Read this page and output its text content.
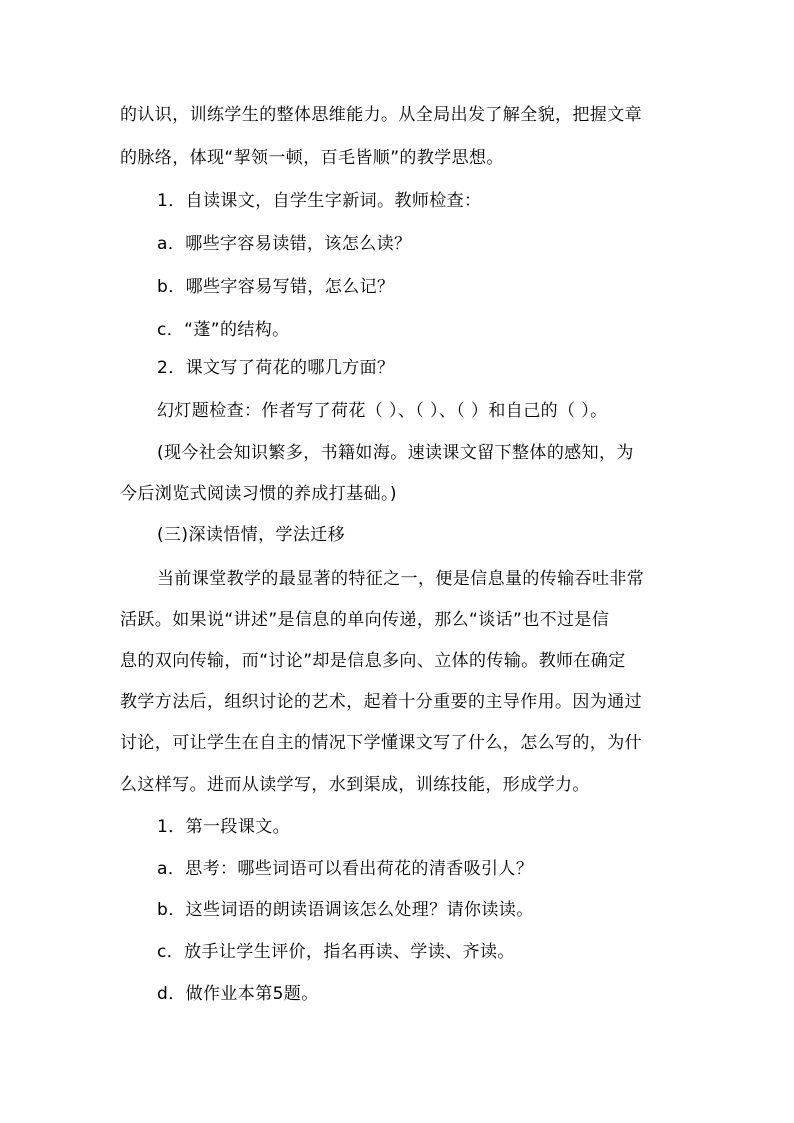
的认识，训练学生的整体思维能力。从全局出发了解全貌，把握文章
的脉络，体现“挈领一顿，百毛皆顺”的教学思想。
1．自读课文，自学生字新词。教师检查：
a．哪些字容易读错，该怎么读？
b．哪些字容易写错，怎么记？
c．“蓬”的结构。
2．课文写了荷花的哪几方面？
幻灯题检查：作者写了荷花（ ）、（ ）、（ ）和自己的（ ）。
(现今社会知识繁多，书籍如海。速读课文留下整体的感知，为
今后浏览式阅读习惯的养成打基础。)
(三)深读悟情，学法迁移
当前课堂教学的最显著的特征之一，便是信息量的传输吞吐非常
活跃。如果说“讲述”是信息的单向传递，那么“谈话”也不过是信
息的双向传输，而“讨论”却是信息多向、立体的传输。教师在确定
教学方法后，组织讨论的艺术，起着十分重要的主导作用。因为通过
讨论，可让学生在自主的情况下学懂课文写了什么，怎么写的，为什
么这样写。进而从读学写，水到渠成，训练技能，形成学力。
1．第一段课文。
a．思考：哪些词语可以看出荷花的清香吸引人？
b．这些词语的朗读语调该怎么处理？请你读读。
c．放手让学生评价，指名再读、学读、齐读。
d．做作业本第5题。
